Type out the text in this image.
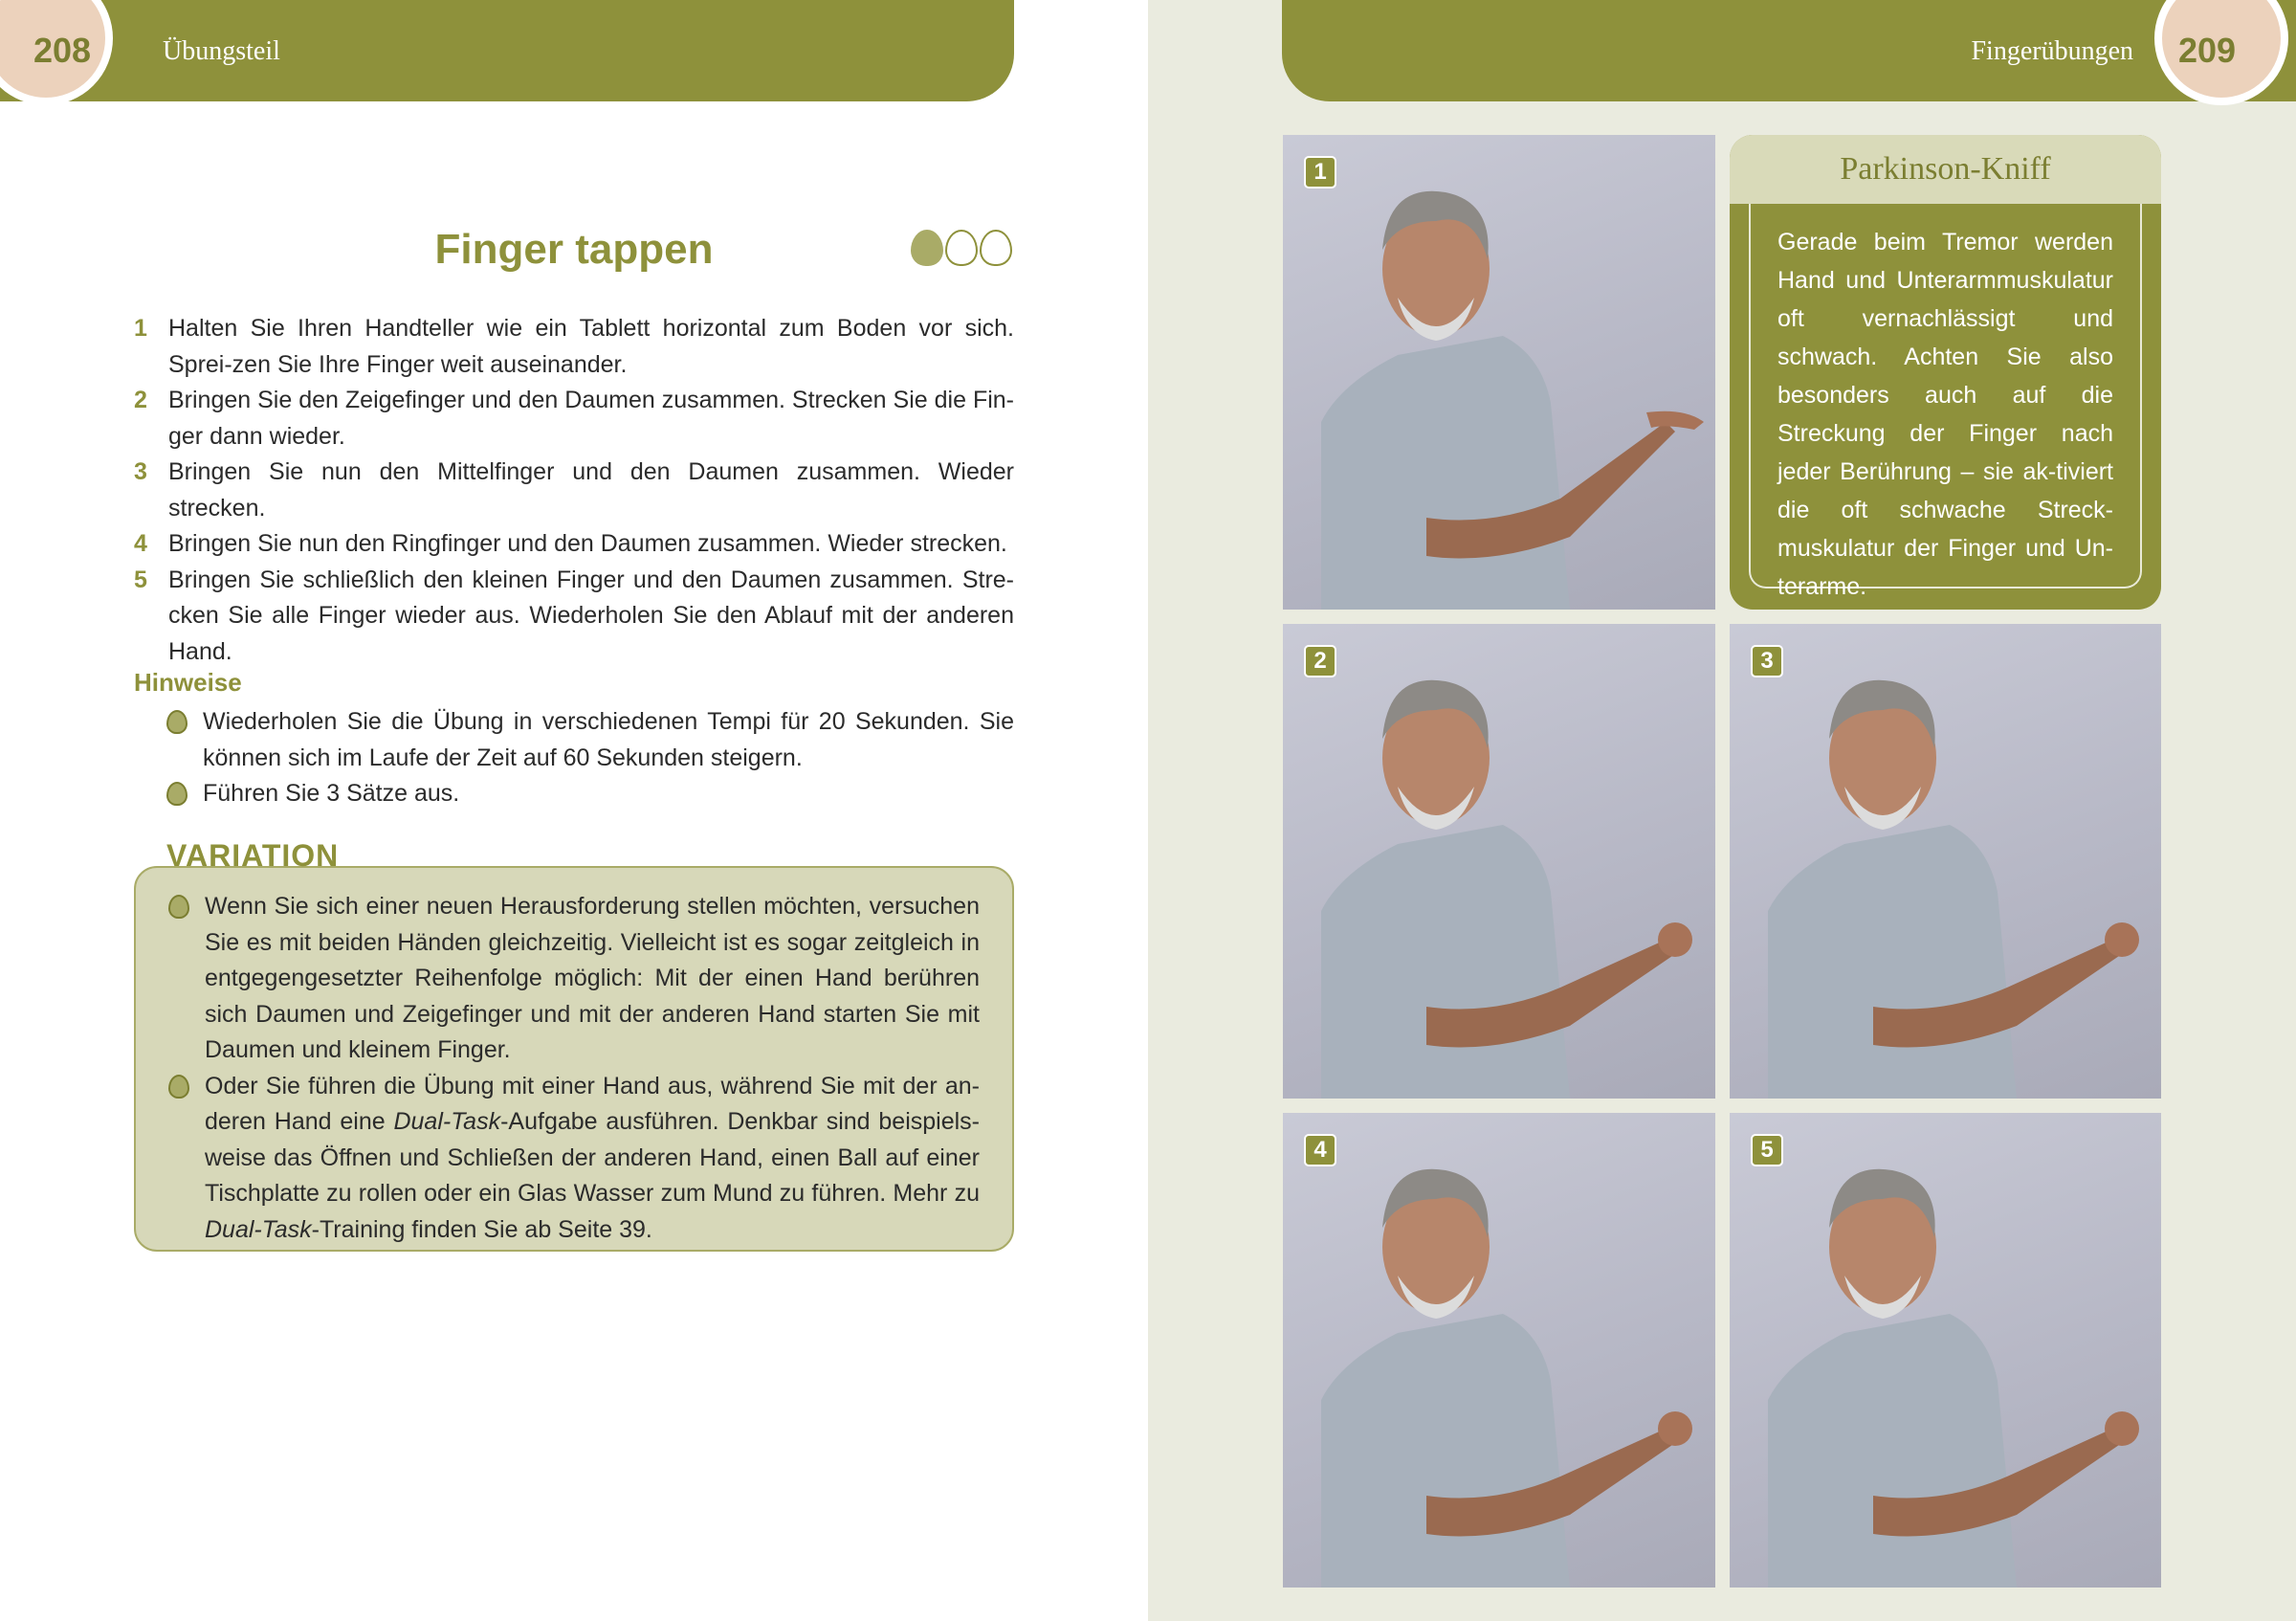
208	Übungsteil
Finger tappen
1 Halten Sie Ihren Handteller wie ein Tablett horizontal zum Boden vor sich. Sprei-zen Sie Ihre Finger weit auseinander.
2 Bringen Sie den Zeigefinger und den Daumen zusammen. Strecken Sie die Fin-ger dann wieder.
3 Bringen Sie nun den Mittelfinger und den Daumen zusammen. Wieder strecken.
4 Bringen Sie nun den Ringfinger und den Daumen zusammen. Wieder strecken.
5 Bringen Sie schließlich den kleinen Finger und den Daumen zusammen. Stre-cken Sie alle Finger wieder aus. Wiederholen Sie den Ablauf mit der anderen Hand.
Hinweise
Wiederholen Sie die Übung in verschiedenen Tempi für 20 Sekunden. Sie können sich im Laufe der Zeit auf 60 Sekunden steigern.
Führen Sie 3 Sätze aus.
Wenn Sie sich einer neuen Herausforderung stellen möchten, versuchen Sie es mit beiden Händen gleichzeitig. Vielleicht ist es sogar zeitgleich in entgegengesetzter Reihenfolge möglich: Mit der einen Hand berühren sich Daumen und Zeigefinger und mit der anderen Hand starten Sie mit Daumen und kleinem Finger.
Oder Sie führen die Übung mit einer Hand aus, während Sie mit der an-deren Hand eine Dual-Task-Aufgabe ausführen. Denkbar sind beispiels-weise das Öffnen und Schließen der anderen Hand, einen Ball auf einer Tischplatte zu rollen oder ein Glas Wasser zum Mund zu führen. Mehr zu Dual-Task-Training finden Sie ab Seite 39.
VARIATION
209
Fingerübungen
1	Parkinson-Kniff
Gerade beim Tremor werden Hand und Unterarmmuskulatur oft vernachlässigt und schwach. Achten Sie also besonders auch auf die Streckung der Finger nach jeder Berührung – sie ak-tiviert die oft schwache Streck-muskulatur der Finger und Un-terarme.
2	3
4	5
